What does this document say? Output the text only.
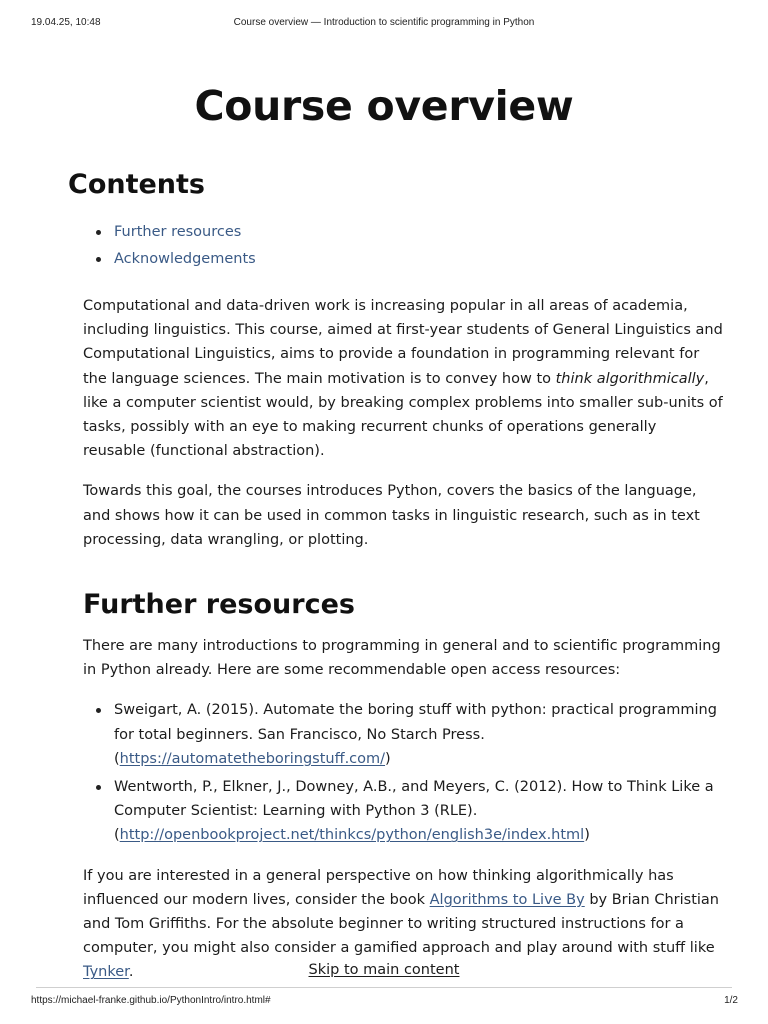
19.04.25, 10:48	Course overview — Introduction to scientific programming in Python
Course overview
Contents
Further resources
Acknowledgements

Computational and data-driven work is increasing popular in all areas of academia, including linguistics. This course, aimed at first-year students of General Linguistics and Computational Linguistics, aims to provide a foundation in programming relevant for the language sciences. The main motivation is to convey how to think algorithmically, like a computer scientist would, by breaking complex problems into smaller sub-units of tasks, possibly with an eye to making recurrent chunks of operations generally reusable (functional abstraction).

Towards this goal, the courses introduces Python, covers the basics of the language, and shows how it can be used in common tasks in linguistic research, such as in text processing, data wrangling, or plotting.

Further resources

There are many introductions to programming in general and to scientific programming in Python already. Here are some recommendable open access resources:

Sweigart, A. (2015). Automate the boring stuff with python: practical programming for total beginners. San Francisco, No Starch Press. (https://automatetheboringstuff.com/)
Wentworth, P., Elkner, J., Downey, A.B., and Meyers, C. (2012). How to Think Like a Computer Scientist: Learning with Python 3 (RLE). (http://openbookproject.net/thinkcs/python/english3e/index.html)

If you are interested in a general perspective on how thinking algorithmically has influenced our modern lives, consider the book Algorithms to Live By by Brian Christian and Tom Griffiths. For the absolute beginner to writing structured instructions for a computer, you might also consider a gamified approach and play around with stuff like Tynker.	Skip to main content
https://michael-franke.github.io/PythonIntro/intro.html#	1/2
